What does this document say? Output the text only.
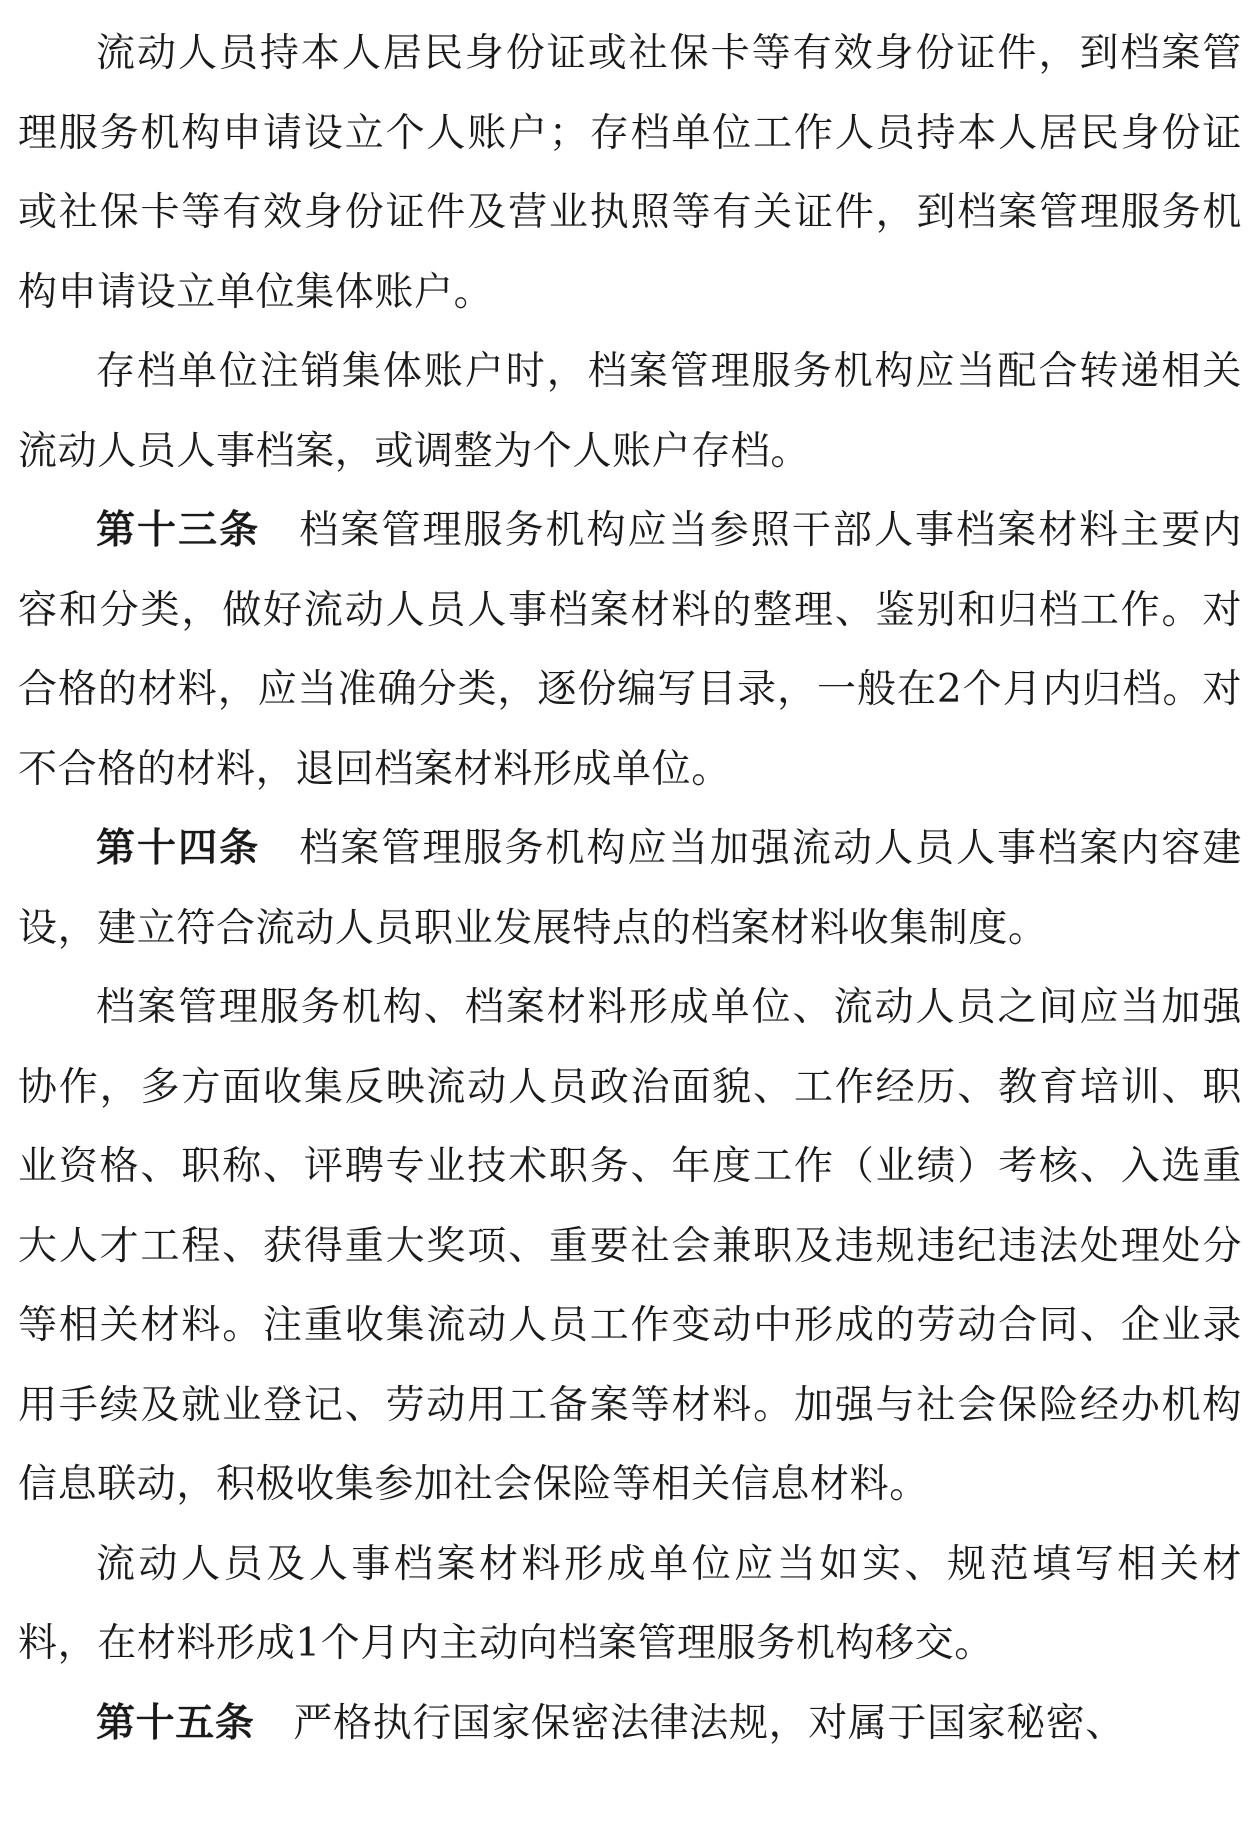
流动人员持本人居民身份证或社保卡等有效身份证件，到档案管理服务机构申请设立个人账户；存档单位工作人员持本人居民身份证或社保卡等有效身份证件及营业执照等有关证件，到档案管理服务机构申请设立单位集体账户。

存档单位注销集体账户时，档案管理服务机构应当配合转递相关流动人员人事档案，或调整为个人账户存档。

第十三条 档案管理服务机构应当参照干部人事档案材料主要内容和分类，做好流动人员人事档案材料的整理、鉴别和归档工作。对合格的材料，应当准确分类，逐份编写目录，一般在2个月内归档。对不合格的材料，退回档案材料形成单位。

第十四条 档案管理服务机构应当加强流动人员人事档案内容建设，建立符合流动人员职业发展特点的档案材料收集制度。

档案管理服务机构、档案材料形成单位、流动人员之间应当加强协作，多方面收集反映流动人员政治面貌、工作经历、教育培训、职业资格、职称、评聘专业技术职务、年度工作（业绩）考核、入选重大人才工程、获得重大奖项、重要社会兼职及违规违纪违法处理处分等相关材料。注重收集流动人员工作变动中形成的劳动合同、企业录用手续及就业登记、劳动用工备案等材料。加强与社会保险经办机构信息联动，积极收集参加社会保险等相关信息材料。

流动人员及人事档案材料形成单位应当如实、规范填写相关材料，在材料形成1个月内主动向档案管理服务机构移交。

第十五条 严格执行国家保密法律法规，对属于国家秘密、
